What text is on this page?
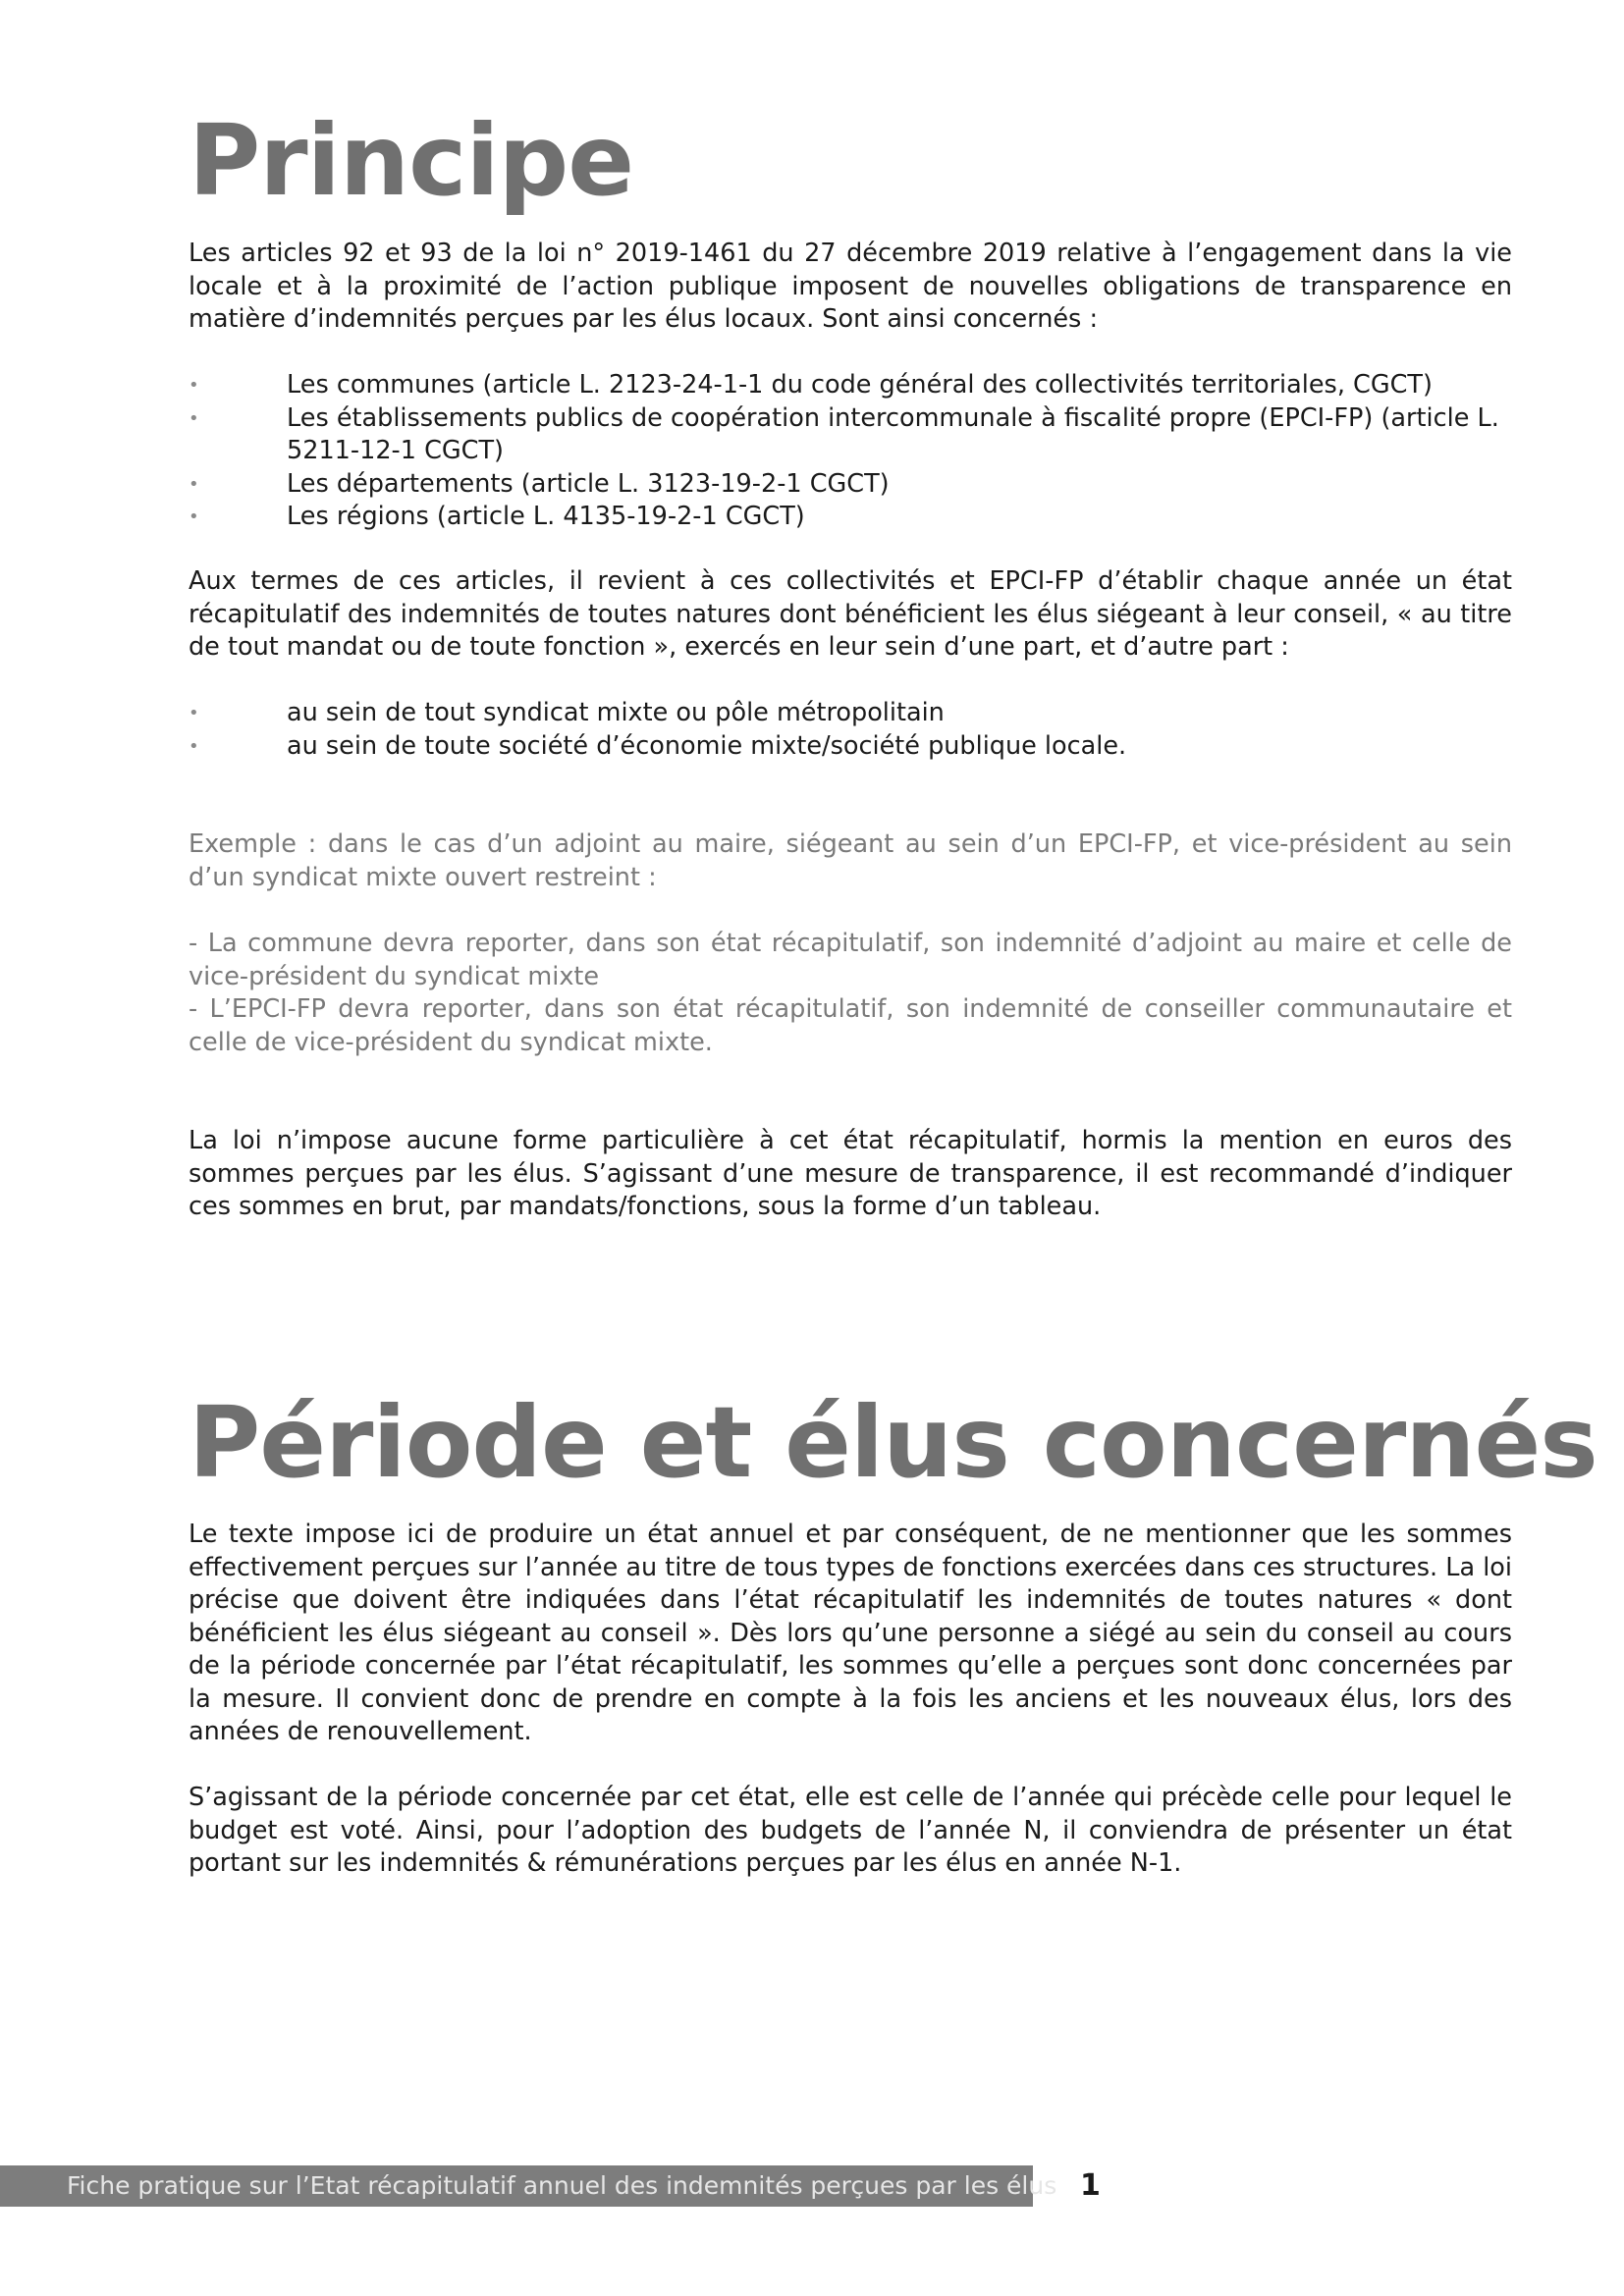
Principe

Les articles 92 et 93 de la loi n° 2019-1461 du 27 décembre 2019 relative à l’engagement dans la vie locale et à la proximité de l’action publique imposent de nouvelles obligations de transparence en matière d’indemnités perçues par les élus locaux. Sont ainsi concernés :

•	Les communes (article L. 2123-24-1-1 du code général des collectivités territoriales, CGCT)
•	Les établissements publics de coopération intercommunale à fiscalité propre (EPCI-FP) (article L. 5211-12-1 CGCT)
•	Les départements (article L. 3123-19-2-1 CGCT)
•	Les régions (article L. 4135-19-2-1 CGCT)

Aux termes de ces articles, il revient à ces collectivités et EPCI-FP d’établir chaque année un état récapitulatif des indemnités de toutes natures dont bénéficient les élus siégeant à leur conseil, « au titre de tout mandat ou de toute fonction », exercés en leur sein d’une part, et d’autre part :

•	au sein de tout syndicat mixte ou pôle métropolitain
•	au sein de toute société d’économie mixte/société publique locale.

Exemple : dans le cas d’un adjoint au maire, siégeant au sein d’un EPCI-FP, et vice-président au sein d’un syndicat mixte ouvert restreint :

- La commune devra reporter, dans son état récapitulatif, son indemnité d’adjoint au maire et celle de vice-président du syndicat mixte

- L’EPCI-FP devra reporter, dans son état récapitulatif, son indemnité de conseiller communautaire et celle de vice-président du syndicat mixte.

La loi n’impose aucune forme particulière à cet état récapitulatif, hormis la mention en euros des sommes perçues par les élus. S’agissant d’une mesure de transparence, il est recommandé d’indiquer ces sommes en brut, par mandats/fonctions, sous la forme d’un tableau.

Période et élus concernés

Le texte impose ici de produire un état annuel et par conséquent, de ne mentionner que les sommes effectivement perçues sur l’année au titre de tous types de fonctions exercées dans ces structures. La loi précise que doivent être indiquées dans l’état récapitulatif les indemnités de toutes natures « dont bénéficient les élus siégeant au conseil ». Dès lors qu’une personne a siégé au sein du conseil au cours de la période concernée par l’état récapitulatif, les sommes qu’elle a perçues sont donc concernées par la mesure. Il convient donc de prendre en compte à la fois les anciens et les nouveaux élus, lors des années de renouvellement.

S’agissant de la période concernée par cet état, elle est celle de l’année qui précède celle pour lequel le budget est voté. Ainsi, pour l’adoption des budgets de l’année N, il conviendra de présenter un état portant sur les indemnités & rémunérations perçues par les élus en année N-1.

Fiche pratique sur l’Etat récapitulatif annuel des indemnités perçues par les élus 1
